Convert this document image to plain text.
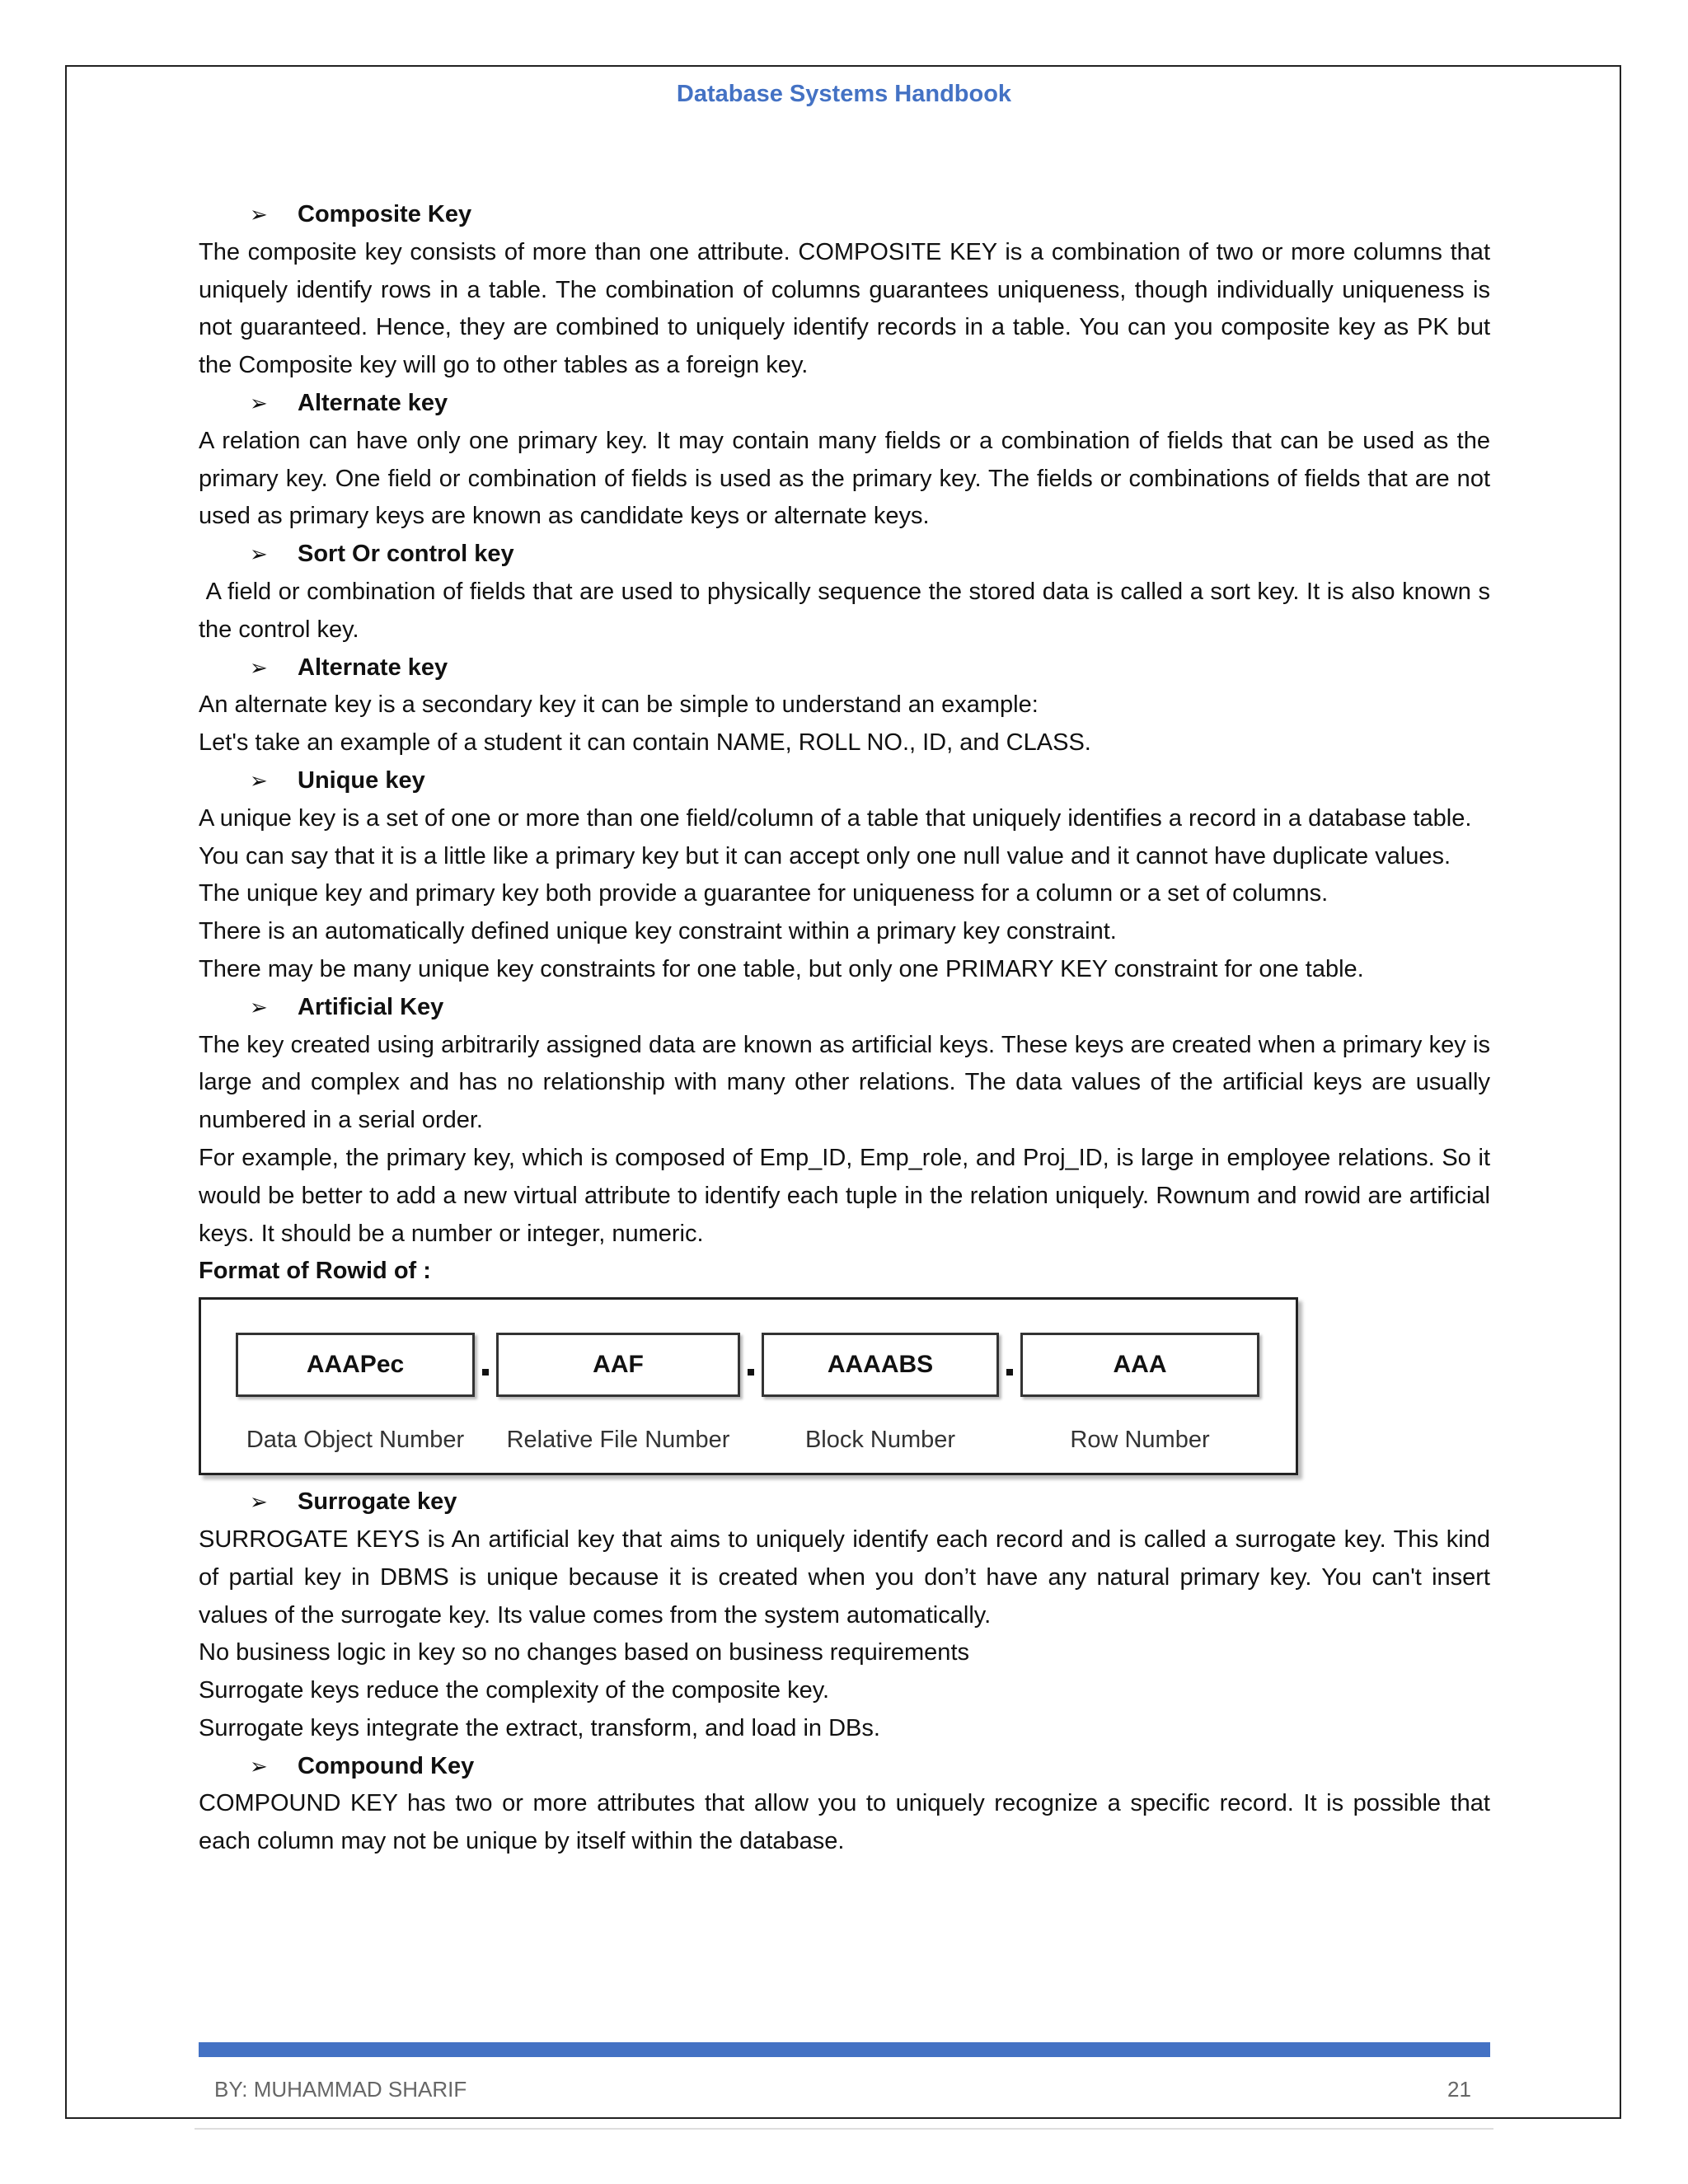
Database Systems Handbook
➢	Composite Key

The composite key consists of more than one attribute. COMPOSITE KEY is a combination of two or more columns that uniquely identify rows in a table. The combination of columns guarantees uniqueness, though individually uniqueness is not guaranteed. Hence, they are combined to uniquely identify records in a table. You can you composite key as PK but the Composite key will go to other tables as a foreign key.

➢	Alternate key

A relation can have only one primary key. It may contain many fields or a combination of fields that can be used as the primary key. One field or combination of fields is used as the primary key. The fields or combinations of fields that are not used as primary keys are known as candidate keys or alternate keys.

➢	Sort Or control key

A field or combination of fields that are used to physically sequence the stored data is called a sort key. It is also known s the control key.

➢	Alternate key

An alternate key is a secondary key it can be simple to understand an example:

Let's take an example of a student it can contain NAME, ROLL NO., ID, and CLASS.

➢	Unique key

A unique key is a set of one or more than one field/column of a table that uniquely identifies a record in a database table.

You can say that it is a little like a primary key but it can accept only one null value and it cannot have duplicate values.

The unique key and primary key both provide a guarantee for uniqueness for a column or a set of columns.

There is an automatically defined unique key constraint within a primary key constraint.

There may be many unique key constraints for one table, but only one PRIMARY KEY constraint for one table.

➢	Artificial Key

The key created using arbitrarily assigned data are known as artificial keys. These keys are created when a primary key is large and complex and has no relationship with many other relations. The data values of the artificial keys are usually numbered in a serial order.

For example, the primary key, which is composed of Emp_ID, Emp_role, and Proj_ID, is large in employee relations. So it would be better to add a new virtual attribute to identify each tuple in the relation uniquely. Rownum and rowid are artificial keys. It should be a number or integer, numeric.

Format of Rowid of :

AAAPec	AAF	AAAABS	AAA
Data Object Number	Relative File Number	Block Number	Row Number
➢	Surrogate key

SURROGATE KEYS is An artificial key that aims to uniquely identify each record and is called a surrogate key. This kind of partial key in DBMS is unique because it is created when you don’t have any natural primary key. You can't insert values of the surrogate key. Its value comes from the system automatically.

No business logic in key so no changes based on business requirements

Surrogate keys reduce the complexity of the composite key.

Surrogate keys integrate the extract, transform, and load in DBs.

➢	Compound Key

COMPOUND KEY has two or more attributes that allow you to uniquely recognize a specific record. It is possible that each column may not be unique by itself within the database.

BY: MUHAMMAD SHARIF	21
